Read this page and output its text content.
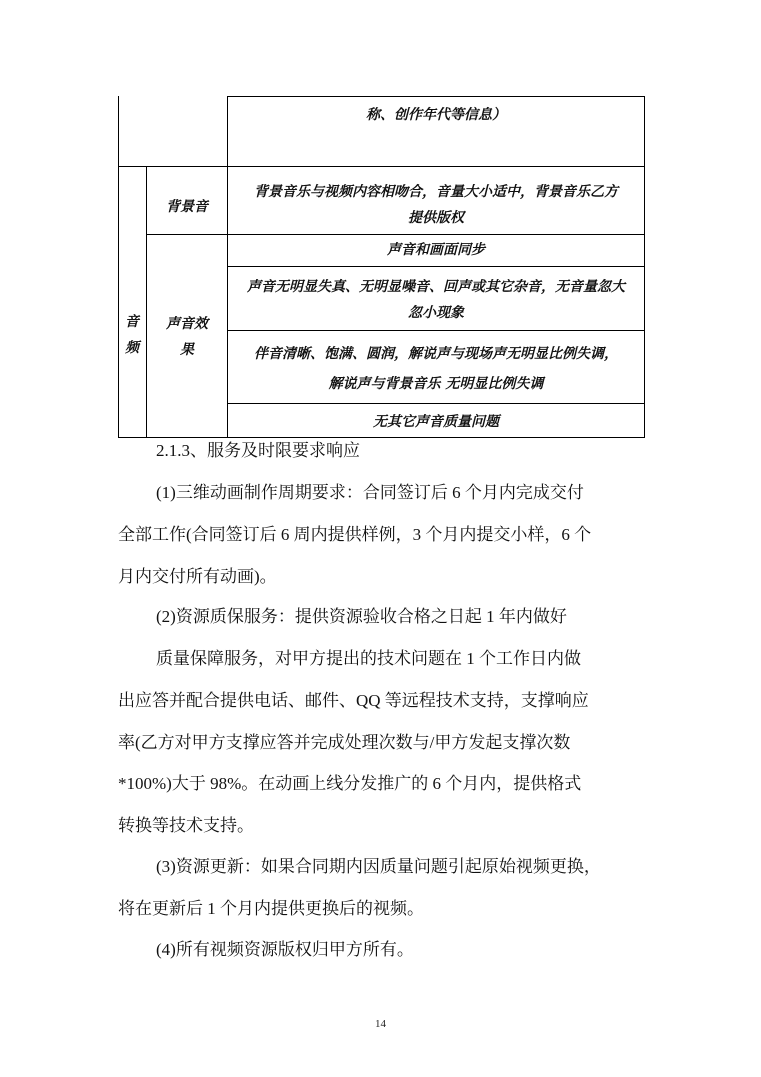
称、创作年代等信息）
音
频
背景音
背景音乐与视频内容相吻合，音量大小适中，背景音乐乙方
提供版权
声音效
果
声音和画面同步
声音无明显失真、无明显噪音、回声或其它杂音，无音量忽大
忽小现象
伴音清晰、饱满、圆润，解说声与现场声无明显比例失调，
解说声与背景音乐 无明显比例失调
无其它声音质量问题
2.1.3、服务及时限要求响应
(1)三维动画制作周期要求：合同签订后 6 个月内完成交付
全部工作(合同签订后 6 周内提供样例，3 个月内提交小样，6 个
月内交付所有动画)。
(2)资源质保服务：提供资源验收合格之日起 1 年内做好
质量保障服务，对甲方提出的技术问题在 1 个工作日内做
出应答并配合提供电话、邮件、QQ 等远程技术支持，支撑响应
率(乙方对甲方支撑应答并完成处理次数与/甲方发起支撑次数
*100%)大于 98%。在动画上线分发推广的 6 个月内，提供格式
转换等技术支持。
(3)资源更新：如果合同期内因质量问题引起原始视频更换，
将在更新后 1 个月内提供更换后的视频。
(4)所有视频资源版权归甲方所有。
14
